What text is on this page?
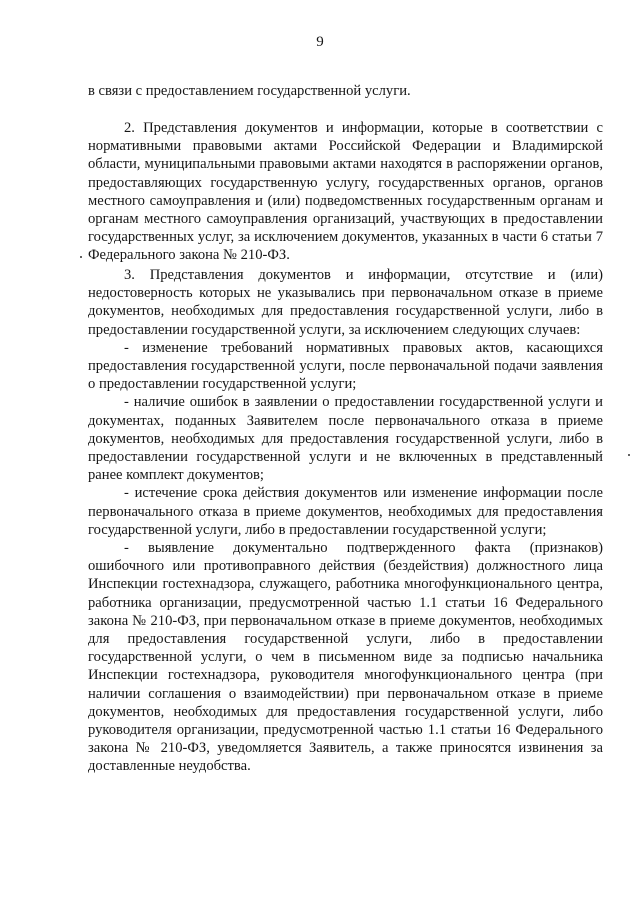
9

в связи с предоставлением государственной услуги.

2. Представления документов и информации, которые в соответствии с нормативными правовыми актами Российской Федерации и Владимирской области, муниципальными правовыми актами находятся в распоряжении органов, предоставляющих государственную услугу, государственных органов, органов местного самоуправления и (или) подведомственных государственным органам и органам местного самоуправления организаций, участвующих в предоставлении государственных услуг, за исключением документов, указанных в части 6 статьи 7 Федерального закона № 210-ФЗ.

3. Представления документов и информации, отсутствие и (или) недостоверность которых не указывались при первоначальном отказе в приеме документов, необходимых для предоставления государственной услуги, либо в предоставлении государственной услуги, за исключением следующих случаев:

- изменение требований нормативных правовых актов, касающихся предоставления государственной услуги, после первоначальной подачи заявления о предоставлении государственной услуги;

- наличие ошибок в заявлении о предоставлении государственной услуги и документах, поданных Заявителем после первоначального отказа в приеме документов, необходимых для предоставления государственной услуги, либо в предоставлении государственной услуги и не включенных в представленный ранее комплект документов;

- истечение срока действия документов или изменение информации после первоначального отказа в приеме документов, необходимых для предоставления государственной услуги, либо в предоставлении государственной услуги;

- выявление документально подтвержденного факта (признаков) ошибочного или противоправного действия (бездействия) должностного лица Инспекции гостехнадзора, служащего, работника многофункционального центра, работника организации, предусмотренной частью 1.1 статьи 16 Федерального закона № 210-ФЗ, при первоначальном отказе в приеме документов, необходимых для предоставления государственной услуги, либо в предоставлении государственной услуги, о чем в письменном виде за подписью начальника Инспекции гостехнадзора, руководителя многофункционального центра (при наличии соглашения о взаимодействии) при первоначальном отказе в приеме документов, необходимых для предоставления государственной услуги, либо руководителя организации, предусмотренной частью 1.1 статьи 16 Федерального закона № 210-ФЗ, уведомляется Заявитель, а также приносятся извинения за доставленные неудобства.
